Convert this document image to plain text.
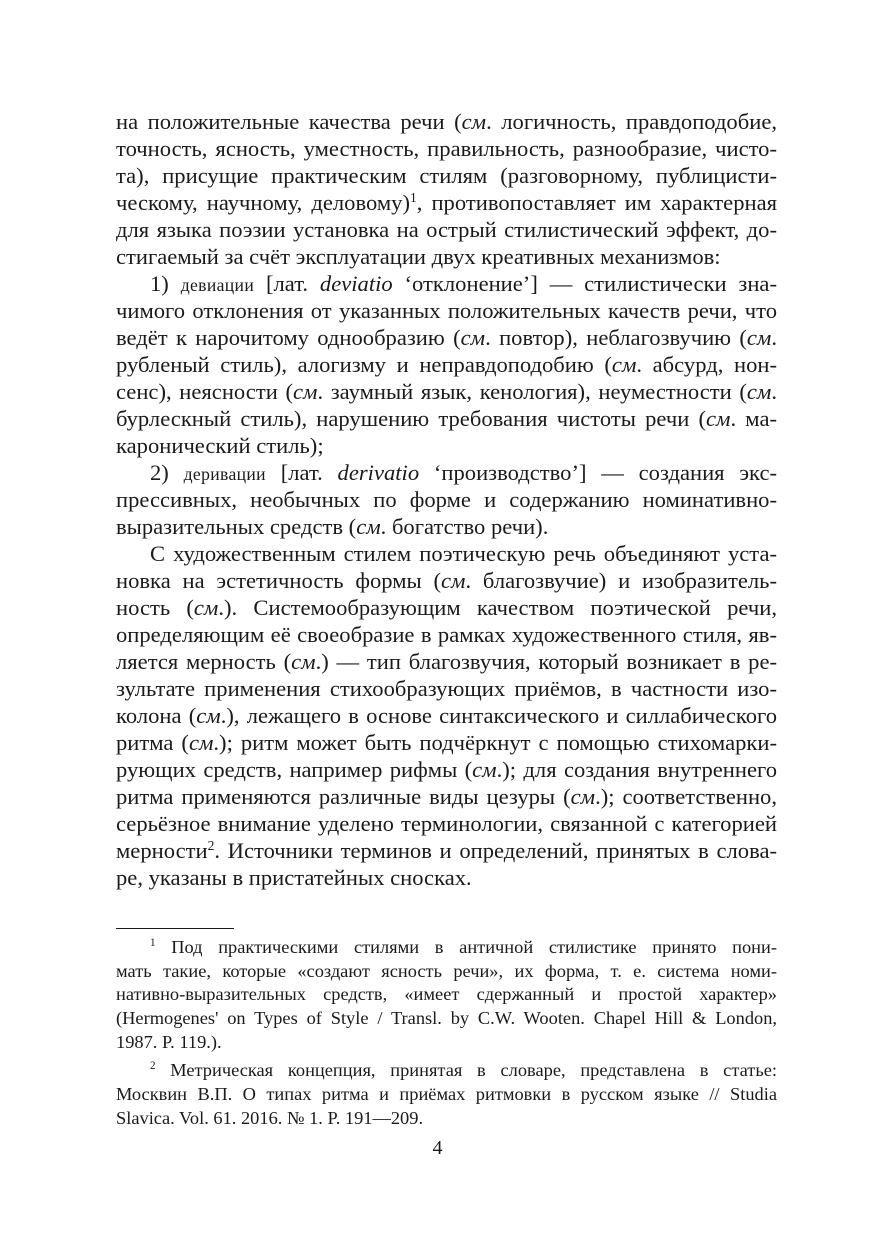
на положительные качества речи (см. логичность, правдоподобие,
точность, ясность, уместность, правильность, разнообразие, чисто-
та), присущие практическим стилям (разговорному, публицисти-
ческому, научному, деловому)$^1$, противопоставляет им характерная
для языка поэзии установка на острый стилистический эффект, до-
стигаемый за счёт эксплуатации двух креативных механизмов:
1) девиации [лат. deviatio ‘отклонение’] — стилистически зна-
чимого отклонения от указанных положительных качеств речи, что
ведёт к нарочитому однообразию (см. повтор), неблагозвучию (см.
рубленый стиль), алогизму и неправдоподобию (см. абсурд, нон-
сенс), неясности (см. заумный язык, кенология), неуместности (см.
бурлескный стиль), нарушению требования чистоты речи (см. ма-
каронический стиль);
2) деривации [лат. derivatio ‘производство’] — создания экс-
прессивных, необычных по форме и содержанию номинативно-
выразительных средств (см. богатство речи).
С художественным стилем поэтическую речь объединяют уста-
новка на эстетичность формы (см. благозвучие) и изобразитель-
ность (см.). Системообразующим качеством поэтической речи,
определяющим её своеобразие в рамках художественного стиля, яв-
ляется мерность (см.) — тип благозвучия, который возникает в ре-
зультате применения стихообразующих приёмов, в частности изо-
колона (см.), лежащего в основе синтаксического и силлабического
ритма (см.); ритм может быть подчёркнут с помощью стихомарки-
рующих средств, например рифмы (см.); для создания внутреннего
ритма применяются различные виды цезуры (см.); соответственно,
серьёзное внимание уделено терминологии, связанной с категорией
мерности$^2$. Источники терминов и определений, принятых в слова-
ре, указаны в пристатейных сносках.
$^1$ Под практическими стилями в античной стилистике принято пони-
мать такие, которые «создают ясность речи», их форма, т. е. система номи-
нативно-выразительных средств, «имеет сдержанный и простой характер»
(Hermogenes' on Types of Style / Transl. by C.W. Wooten. Chapel Hill & London,
1987. P. 119.).
$^2$ Метрическая концепция, принятая в словаре, представлена в статье:
Москвин В.П. О типах ритма и приёмах ритмовки в русском языке // Studia
Slavica. Vol. 61. 2016. № 1. P. 191—209.
4
